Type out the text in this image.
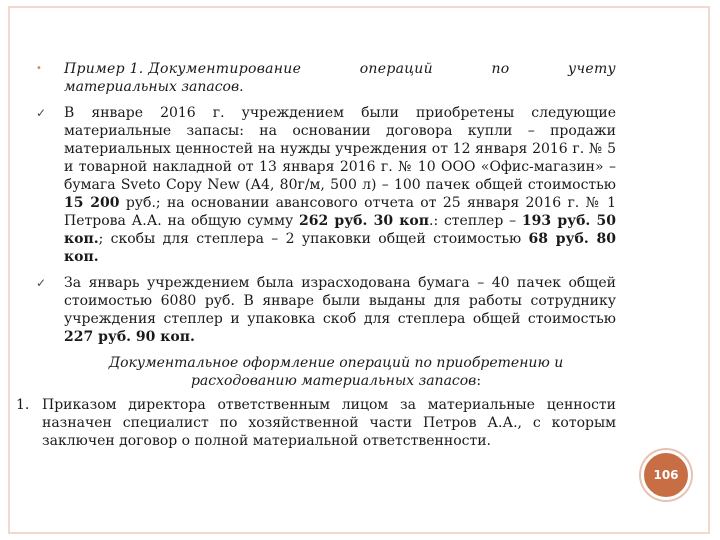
•	Пример 1. Документирование	операций	по	учету
материальных запасов.
✓	В январе 2016 г. учреждением были приобретены следующие материальные запасы: на основании договора купли – продажи материальных ценностей на нужды учреждения от 12 января 2016 г. № 5 и товарной накладной от 13 января 2016 г. № 10 ООО «Офис-магазин» – бумага Sveto Copy New (А4, 80г/м, 500 л) – 100 пачек общей стоимостью 15 200 руб.; на основании авансового отчета от 25 января 2016 г. № 1 Петрова А.А. на общую сумму 262 руб. 30 коп.: степлер – 193 руб. 50 коп.; скобы для степлера – 2 упаковки общей стоимостью 68 руб. 80 коп.
✓	За январь учреждением была израсходована бумага – 40 пачек общей стоимостью 6080 руб. В январе были выданы для работы сотруднику учреждения степлер и упаковка скоб для степлера общей стоимостью 227 руб. 90 коп.
Документальное оформление операций по приобретению и расходованию материальных запасов:
1. Приказом директора ответственным лицом за материальные ценности назначен специалист по хозяйственной части Петров А.А., с которым заключен договор о полной материальной ответственности.
106
